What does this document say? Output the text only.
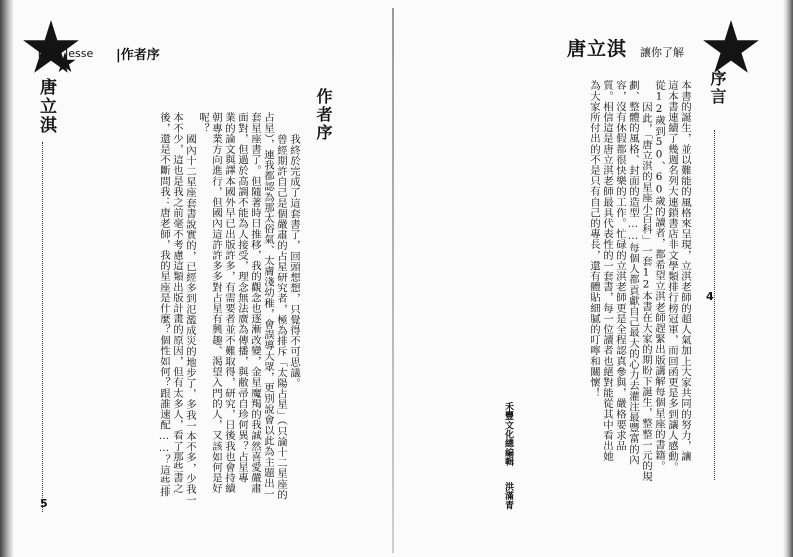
Tong Jesse |作者序
唐立淇	作者序
我終於完成了這套書了，回頭想想，只覺得不可思議。
曾經期許自己是個嚴肅的占星研究者，極為排斥「太陽占星」（只論十二星座的
占星），連我都認為那太俗氣、太膚淺幼稚，會誤導大眾，更別說會以此為主題出一
套星座書了。但隨著時日推移，我的觀念也逐漸改變，金星魔羯的我誠然喜愛嚴肅
面對，但過於高調不能為人接受，理念無法廣為傳播，與敝帚自珍何異？占星專
業的論文與譯本國外早已出版許多，有需要者並不難取得，研究，日後我也會持續
朝專業方向進行，但國內這許許多多對占星有興趣、渴望入門的人，又該如何是好
呢？
國內十二星座套書說實的，已經多到氾濫成災的地步了，多我一本不多，少我一
本不少，這也是我之前毫不考慮這類出版計畫的原因，但有太多人，看了那些書之
後，還是不斷問我：唐老師，我的星座是什麼？個性如何？跟誰速配……？這些排
5
唐立淇 讓你了解
序言
本書的誕生，並以難能的風格來呈現，立淇老師的超人氣加上大家共同的努力，讓
這本書連續了幾週名列大連鎖書店非文學類排行榜冠軍，而回函更是多到讓人感動。
從12歲到50、60歲的讀者，都希望立淇老師趕緊出版講解每個星座的書籍。
因此，「唐立淇的星座小百科」一套12本書在大家的期盼下誕生，整整一元的規
劃、整體的風格、封面的造型……每個人都貢獻自己最大的心力去灌注最豐富的內
容，沒有休假都很快樂的工作。忙碌的立淇老師更是全程認真參與，嚴格要求品
質。相信這是唐立淇老師最具代表性的一套書，每一位讀者也絕對能從其中看出她
為大家所付出的不是只有自己的專長，還有體貼細膩的叮嚀和關懷！
禾豐文化總編輯
洪滿青
4
